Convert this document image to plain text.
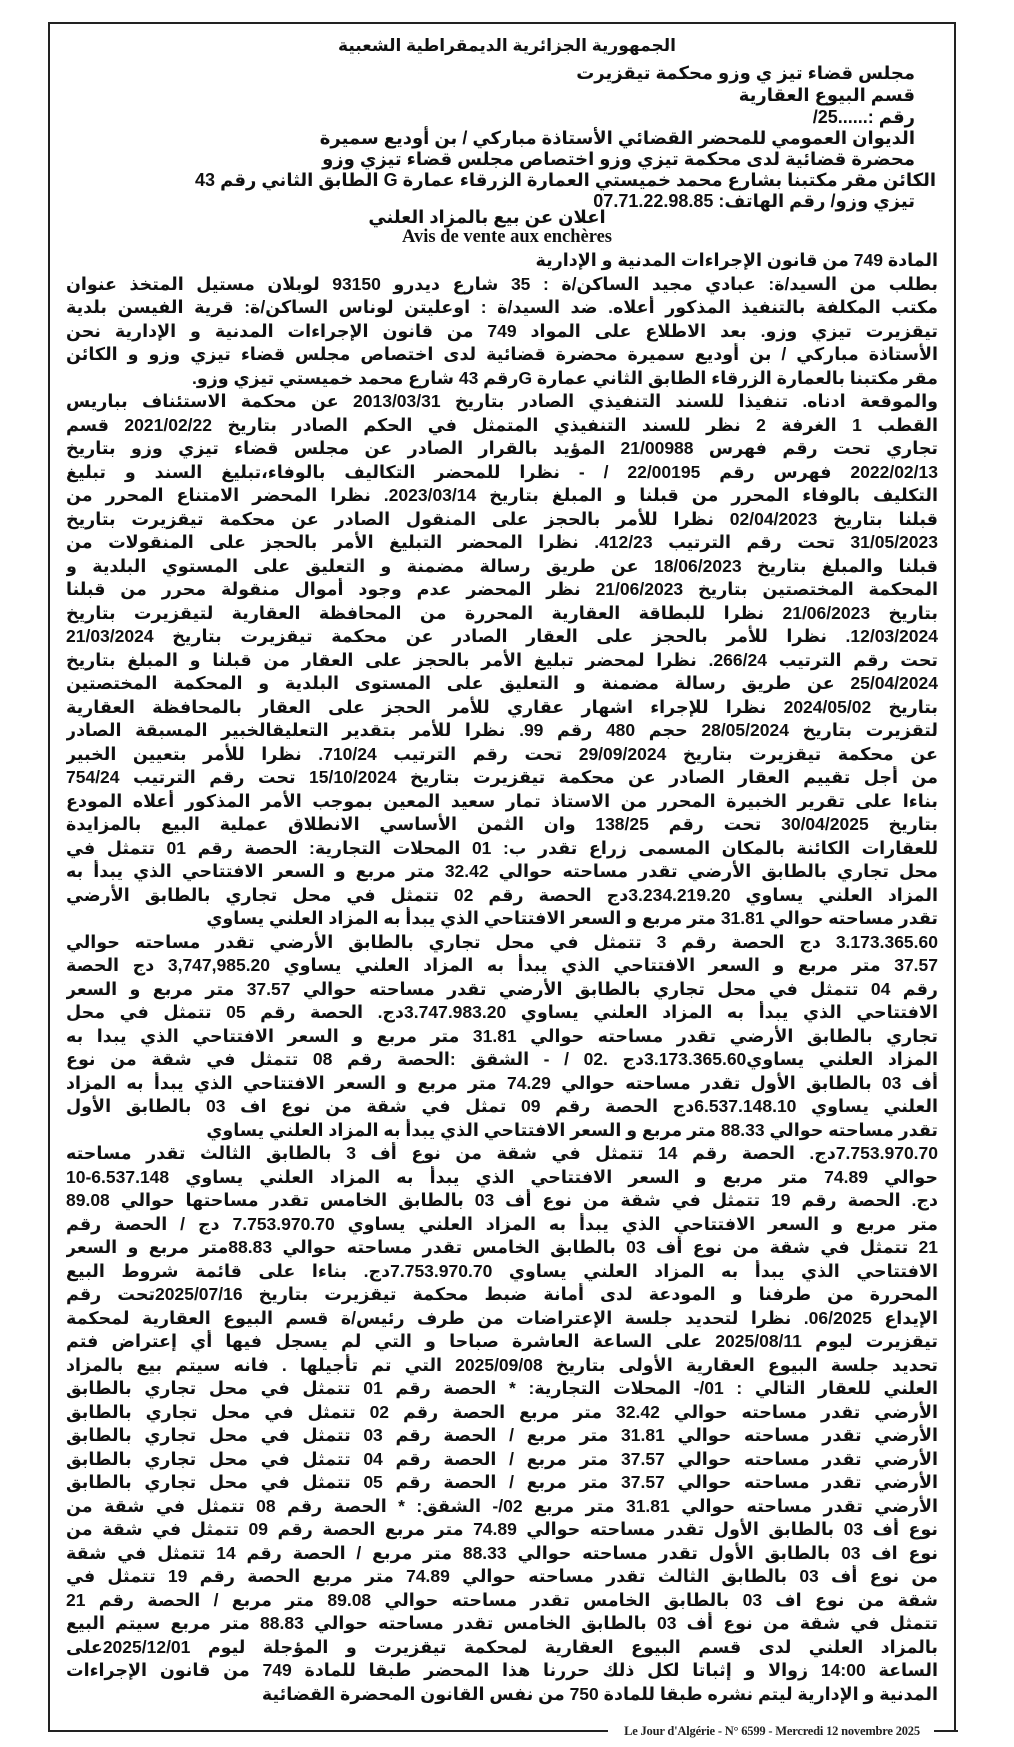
الجمهورية الجزائرية الديمقراطية الشعبية
مجلس قضاء تيز ي وزو محكمة تيقزيرت
قسم البيوع العقارية
رقم :......25/
الديوان العمومي للمحضر القضائي الأستاذة مباركي / بن أوديع سميرة
محضرة قضائية لدى محكمة تيزي وزو اختصاص مجلس قضاء تيزي وزو
الكائن مقر مكتبنا بشارع محمد خميستي العمارة الزرقاء عمارة G الطابق الثاني رقم 43
تيزي وزو/ رقم الهاتف: 07.71.22.98.85
اعلان عن بيع بالمزاد العلني
Avis de vente aux enchères
المادة 749 من قانون الإجراءات المدنية و الإدارية
بطلب من السيد/ة: عبادي مجيد الساكن/ة : 35 شارع ديدرو 93150 لوبلان مستيل المتخذ عنوان
مكتب المكلفة بالتنفيذ المذكور أعلاه. ضد السيد/ة : اوعليتن لوناس الساكن/ة: قرية الفيسن بلدية
تيقزيرت تيزي وزو. بعد الاطلاع على المواد 749 من قانون الإجراءات المدنية و الإدارية نحن
الأستاذة مباركي / بن أوديع سميرة محضرة قضائية لدى اختصاص مجلس قضاء تيزي وزو و الكائن
مقر مكتبنا بالعمارة الزرقاء الطابق الثاني عمارة Gرقم 43 شارع محمد خميستي تيزي وزو.
والموقعة ادناه. تنفيذا للسند التنفيذي الصادر بتاريخ 2013/03/31 عن محكمة الاستئناف بباريس
القطب 1 الغرفة 2 نظر للسند التنفيذي المتمثل في الحكم الصادر بتاريخ 2021/02/22 قسم
تجاري تحت رقم فهرس 21/00988 المؤيد بالقرار الصادر عن مجلس قضاء تيزي وزو بتاريخ
2022/02/13 فهرس رقم 22/00195 / - نظرا للمحضر التكاليف بالوفاء،تبليغ السند و تبليغ
التكليف بالوفاء المحرر من قبلنا و المبلغ بتاريخ 2023/03/14. نظرا المحضر الامتناع المحرر من
قبلنا بتاريخ 02/04/2023 نظرا للأمر بالحجز على المنقول الصادر عن محكمة تيقزيرت بتاريخ
31/05/2023 تحت رقم الترتيب 412/23. نظرا المحضر التبليغ الأمر بالحجز على المنقولات من
قبلنا والمبلغ بتاريخ 18/06/2023 عن طريق رسالة مضمنة و التعليق على المستوي البلدية و
المحكمة المختصتين بتاريخ 21/06/2023 نظر المحضر عدم وجود أموال منقولة محرر من قبلنا
بتاريخ 21/06/2023 نظرا للبطاقة العقارية المحررة من المحافظة العقارية لتيقزيرت بتاريخ
12/03/2024. نظرا للأمر بالحجز على العقار الصادر عن محكمة تيقزيرت بتاريخ 21/03/2024
تحت رقم الترتيب 266/24. نظرا لمحضر تبليغ الأمر بالحجز على العقار من قبلنا و المبلغ بتاريخ
25/04/2024 عن طريق رسالة مضمنة و التعليق على المستوى البلدية و المحكمة المختصتين
بتاريخ 2024/05/02 نظرا للإجراء اشهار عقاري للأمر الحجز على العقار بالمحافظة العقارية
لتقزيرت بتاريخ 28/05/2024 حجم 480 رقم 99. نظرا للأمر بتقدير التعليقالخبير المسبقة الصادر
عن محكمة تيقزيرت بتاريخ 29/09/2024 تحت رقم الترتيب 710/24. نظرا للأمر بتعيين الخبير
من أجل تقييم العقار الصادر عن محكمة تيقزيرت بتاريخ 15/10/2024 تحت رقم الترتيب 754/24
بناءا على تقرير الخبيرة المحرر من الاستاذ تمار سعيد المعين بموجب الأمر المذكور أعلاه المودع
بتاريخ 30/04/2025 تحت رقم 138/25 وان الثمن الأساسي الانطلاق عملية البيع بالمزايدة
للعقارات الكائنة بالمكان المسمى زراع تقدر ب: 01 المحلات التجارية: الحصة رقم 01 تتمثل في
محل تجاري بالطابق الأرضي تقدر مساحته حوالي 32.42 متر مربع و السعر الافتتاحي الذي يبدأ به
المزاد العلني يساوي 3.234.219.20دج الحصة رقم 02 تتمثل في محل تجاري بالطابق الأرضي
تقدر مساحته حوالي 31.81 متر مربع و السعر الافتتاحي الذي يبدأ به المزاد العلني يساوي
3.173.365.60 دج الحصة رقم 3 تتمثل في محل تجاري بالطابق الأرضي تقدر مساحته حوالي
37.57 متر مربع و السعر الافتتاحي الذي يبدأ به المزاد العلني يساوي 3,747,985.20 دج الحصة
رقم 04 تتمثل في محل تجاري بالطابق الأرضي تقدر مساحته حوالي 37.57 متر مربع و السعر
الافتتاحي الذي يبدأ به المزاد العلني يساوي 3.747.983.20دج. الحصة رقم 05 تتمثل في محل
تجاري بالطابق الأرضي تقدر مساحته حوالي 31.81 متر مربع و السعر الافتتاحي الذي يبدا به
المزاد العلني يساوي3.173.365.60دج .02 / - الشقق :الحصة رقم 08 تتمثل في شقة من نوع
أف 03 بالطابق الأول تقدر مساحته حوالي 74.29 متر مربع و السعر الافتتاحي الذي يبدأ به المزاد
العلني يساوي 6.537.148.10دج الحصة رقم 09 تمثل في شقة من نوع اف 03 بالطابق الأول
تقدر مساحته حوالي 88.33 متر مربع و السعر الافتتاحي الذي يبدأ به المزاد العلني يساوي
7.753.970.70دج. الحصة رقم 14 تتمثل في شقة من نوع أف 3 بالطابق الثالث تقدر مساحته
حوالي 74.89 متر مربع و السعر الافتتاحي الذي يبدأ به المزاد العلني يساوي 6.537.148-10
دج. الحصة رقم 19 تتمثل في شقة من نوع أف 03 بالطابق الخامس تقدر مساحتها حوالي 89.08
متر مربع و السعر الافتتاحي الذي يبدأ به المزاد العلني يساوي 7.753.970.70 دج / الحصة رقم
21 تتمثل في شقة من نوع أف 03 بالطابق الخامس تقدر مساحته حوالي 88.83متر مربع و السعر
الافتتاحي الذي يبدأ به المزاد العلني يساوي 7.753.970.70دج. بناءا على قائمة شروط البيع
المحررة من طرفنا و المودعة لدى أمانة ضبط محكمة تيقزيرت بتاريخ 2025/07/16تحت رقم
الإيداع 06/2025. نظرا لتحديد جلسة الإعتراضات من طرف رئيس/ة قسم البيوع العقارية لمحكمة
تيقزيرت ليوم 2025/08/11 على الساعة العاشرة صباحا و التي لم يسجل فيها أي إعتراض فتم
تحديد جلسة البيوع العقارية الأولى بتاريخ 2025/09/08 التي تم تأجيلها . فانه سيتم بيع بالمزاد
العلني للعقار التالي : 01/- المحلات التجارية: * الحصة رقم 01 تتمثل في محل تجاري بالطابق
الأرضي تقدر مساحته حوالي 32.42 متر مربع الحصة رقم 02 تتمثل في محل تجاري بالطابق
الأرضي تقدر مساحته حوالي 31.81 متر مربع / الحصة رقم 03 تتمثل في محل تجاري بالطابق
الأرضي تقدر مساحته حوالي 37.57 متر مربع / الحصة رقم 04 تتمثل في محل تجاري بالطابق
الأرضي تقدر مساحته حوالي 37.57 متر مربع / الحصة رقم 05 تتمثل في محل تجاري بالطابق
الأرضي تقدر مساحته حوالي 31.81 متر مربع 02/- الشقق: * الحصة رقم 08 تتمثل في شقة من
نوع أف 03 بالطابق الأول تقدر مساحته حوالي 74.89 متر مربع الحصة رقم 09 تتمثل في شقة من
نوع اف 03 بالطابق الأول تقدر مساحته حوالي 88.33 متر مربع / الحصة رقم 14 تتمثل في شقة
من نوع أف 03 بالطابق الثالث تقدر مساحته حوالي 74.89 متر مربع الحصة رقم 19 تتمثل في
شقة من نوع اف 03 بالطابق الخامس تقدر مساحته حوالي 89.08 متر مربع / الحصة رقم 21
تتمثل في شقة من نوع أف 03 بالطابق الخامس تقدر مساحته حوالي 88.83 متر مربع سيتم البيع
بالمزاد العلني لدى قسم البيوع العقارية لمحكمة تيقزيرت و المؤجلة ليوم 2025/12/01على
الساعة 14:00 زوالا و إثباتا لكل ذلك حررنا هذا المحضر طبقا للمادة 749 من قانون الإجراءات
المدنية و الإدارية ليتم نشره طبقا للمادة 750 من نفس القانون المحضرة القضائية
Le Jour d'Algérie - N° 6599 - Mercredi 12 novembre 2025
